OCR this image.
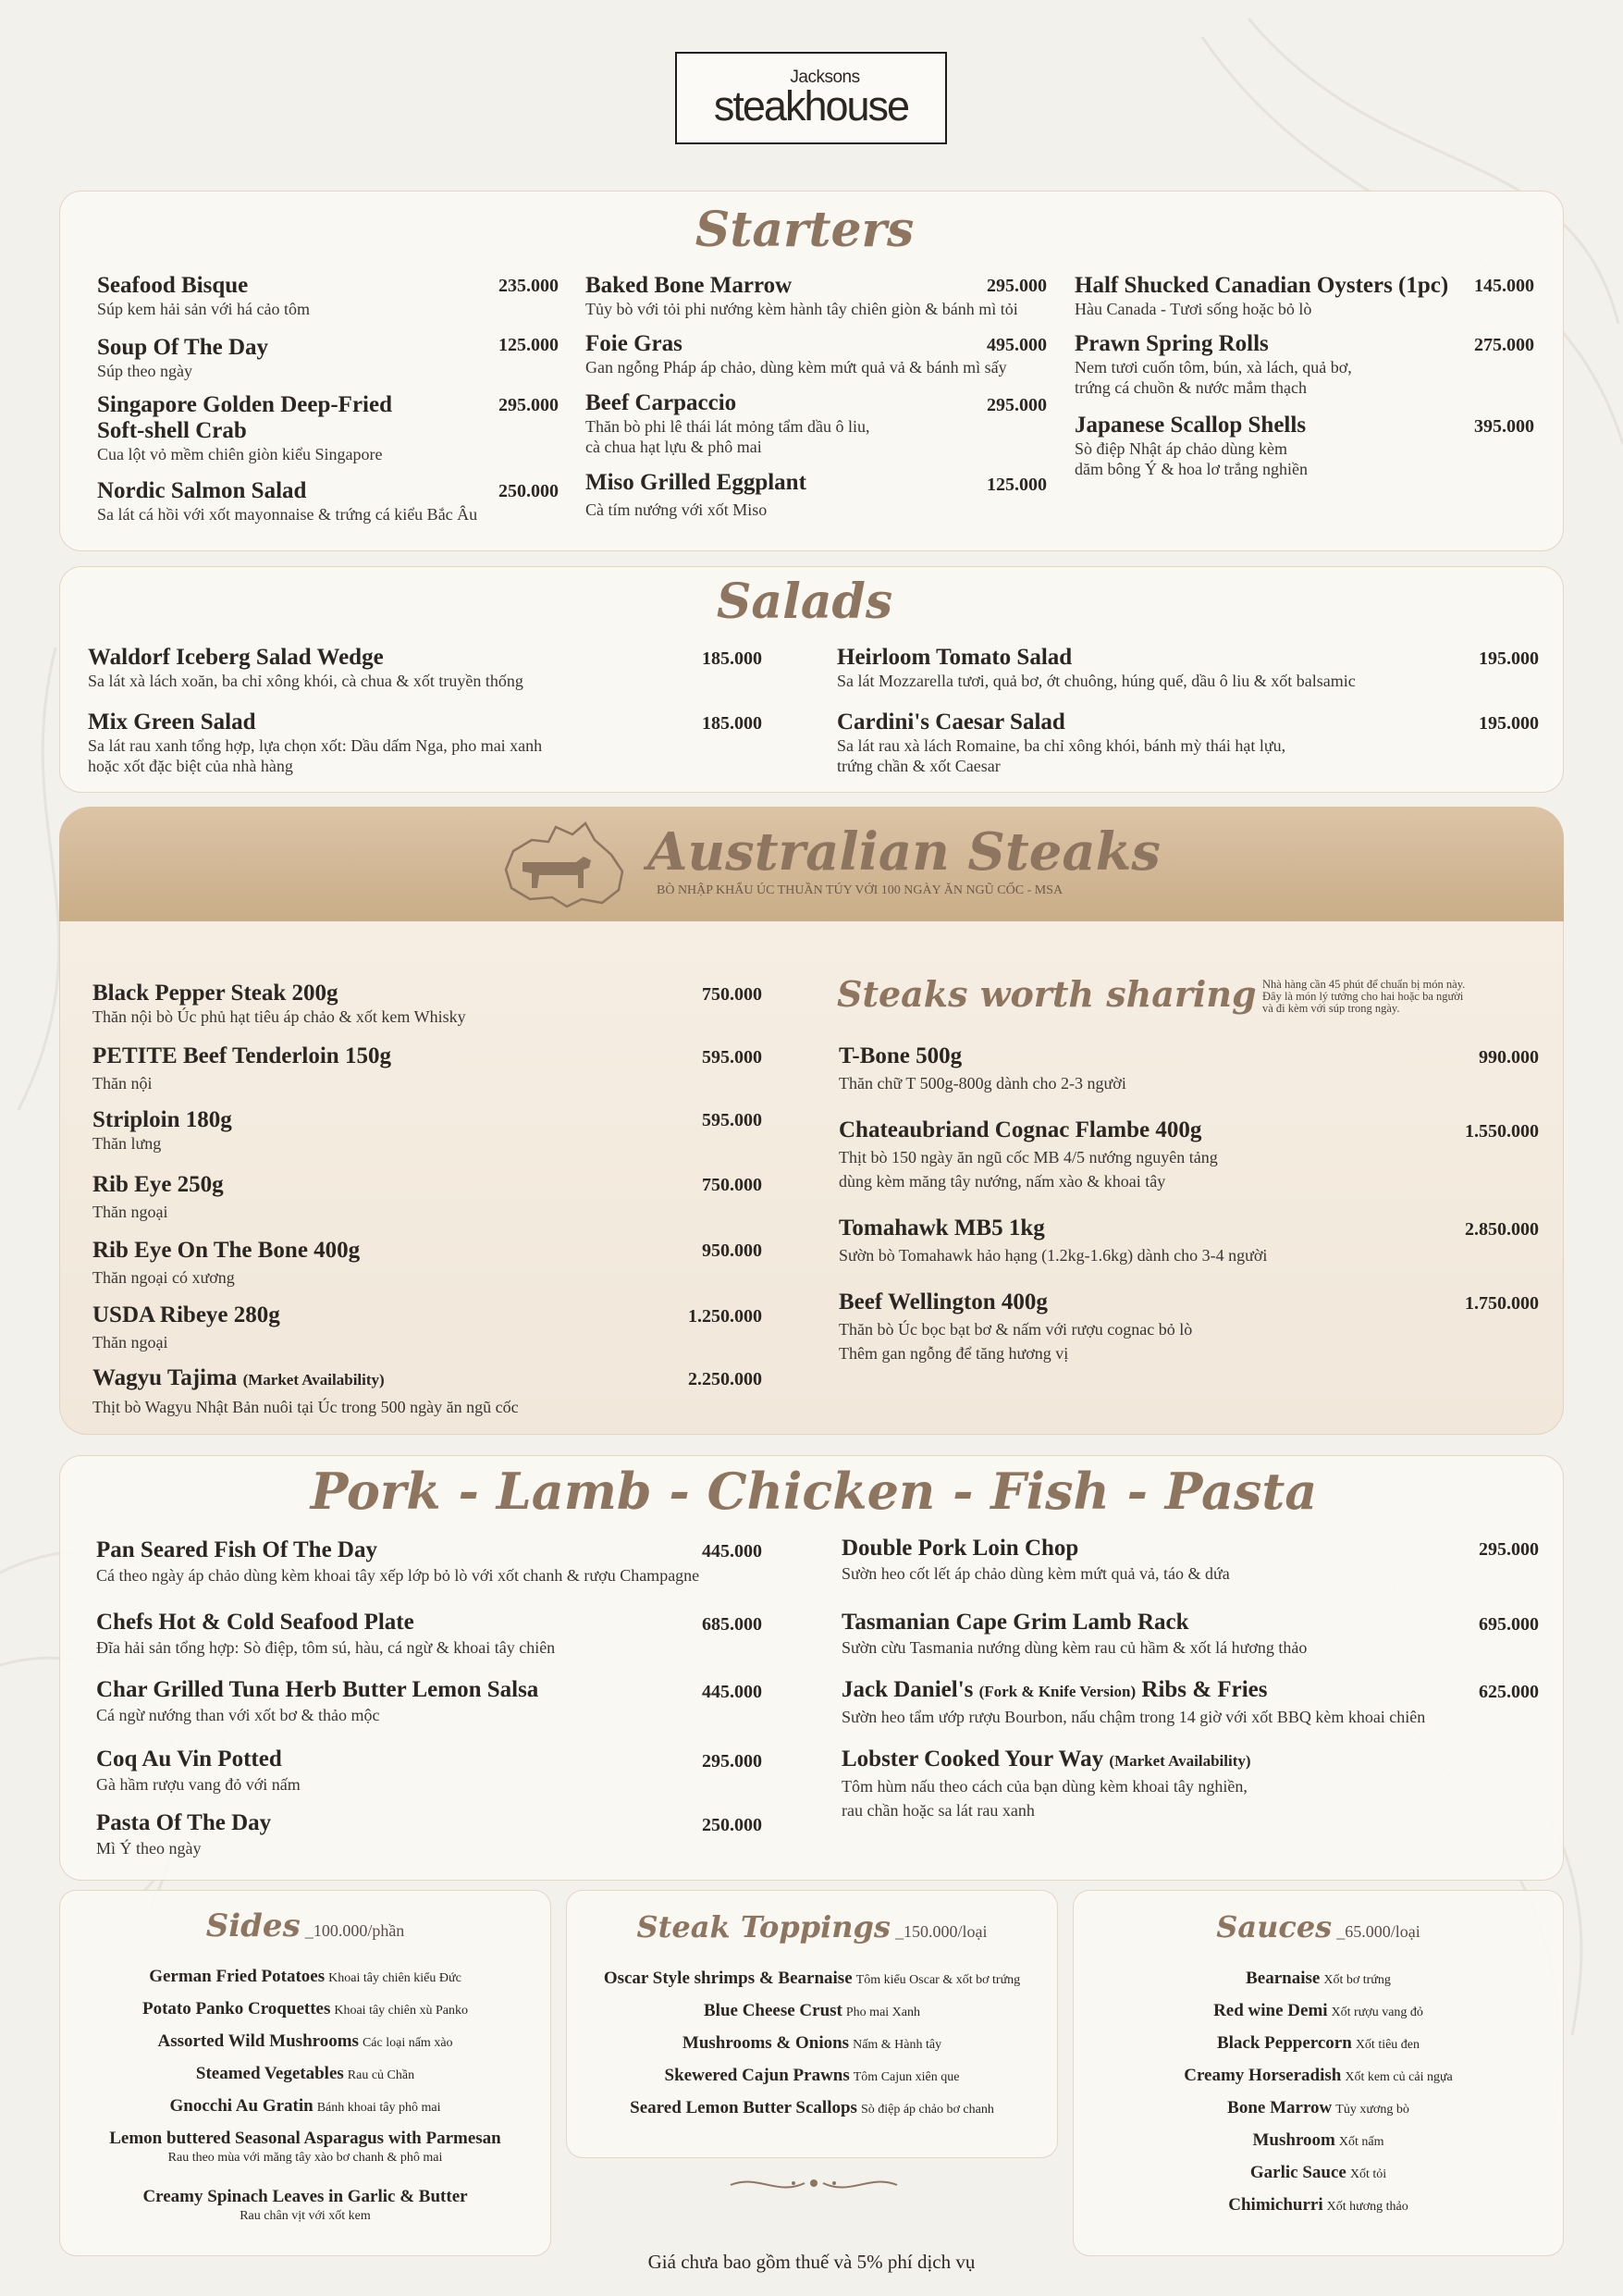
Jacksons
steakhouse
Starters
Seafood Bisque
Súp kem hải sản với há cảo tôm
235.000
Soup Of The Day
Súp theo ngày
125.000
Singapore Golden Deep-Fried
Soft-shell Crab
Cua lột vỏ mềm chiên giòn kiểu Singapore
295.000
Nordic Salmon Salad
Sa lát cá hồi với xốt mayonnaise & trứng cá kiểu Bắc Âu
250.000
Baked Bone Marrow
Tủy bò với tỏi phi nướng kèm hành tây chiên giòn & bánh mì tỏi
295.000
Foie Gras
Gan ngỗng Pháp áp chảo, dùng kèm mứt quả vả & bánh mì sấy
495.000
Beef Carpaccio
Thăn bò phi lê thái lát mỏng tẩm dầu ô liu,
cà chua hạt lựu & phô mai
295.000
Miso Grilled Eggplant
Cà tím nướng với xốt Miso
125.000
Half Shucked Canadian Oysters (1pc)
Hàu Canada - Tươi sống hoặc bỏ lò
145.000
Prawn Spring Rolls
Nem tươi cuốn tôm, bún, xà lách, quả bơ,
trứng cá chuồn & nước mắm thạch
275.000
Japanese Scallop Shells
Sò điệp Nhật áp chảo dùng kèm
dăm bông Ý & hoa lơ trắng nghiền
395.000
Salads
Waldorf Iceberg Salad Wedge
Sa lát xà lách xoăn, ba chỉ xông khói, cà chua & xốt truyền thống
185.000
Mix Green Salad
Sa lát rau xanh tổng hợp, lựa chọn xốt: Dầu dấm Nga, pho mai xanh
hoặc xốt đặc biệt của nhà hàng
185.000
Heirloom Tomato Salad
Sa lát Mozzarella tươi, quả bơ, ớt chuông, húng quế, dầu ô liu & xốt balsamic
195.000
Cardini's Caesar Salad
Sa lát rau xà lách Romaine, ba chỉ xông khói, bánh mỳ thái hạt lựu,
trứng chần & xốt Caesar
195.000
Australian Steaks
BÒ NHẬP KHẨU ÚC THUẦN TÚY VỚI 100 NGÀY ĂN NGŨ CỐC - MSA
Black Pepper Steak 200g
Thăn nội bò Úc phủ hạt tiêu áp chảo & xốt kem Whisky
750.000
PETITE Beef Tenderloin 150g
Thăn nội
595.000
Striploin 180g
Thăn lưng
595.000
Rib Eye 250g
Thăn ngoại
750.000
Rib Eye On The Bone 400g
Thăn ngoại có xương
950.000
USDA Ribeye 280g
Thăn ngoại
1.250.000
Wagyu Tajima (Market Availability)
Thịt bò Wagyu Nhật Bản nuôi tại Úc trong 500 ngày ăn ngũ cốc
2.250.000
Steaks worth sharing Nhà hàng cần 45 phút để chuẩn bị món này.
Đây là món lý tưởng cho hai hoặc ba người
và đi kèm với súp trong ngày.
T-Bone 500g
Thăn chữ T 500g-800g dành cho 2-3 người
990.000
Chateaubriand Cognac Flambe 400g
Thịt bò 150 ngày ăn ngũ cốc MB 4/5 nướng nguyên tảng
dùng kèm măng tây nướng, nấm xào & khoai tây
1.550.000
Tomahawk MB5 1kg
Sườn bò Tomahawk hảo hạng (1.2kg-1.6kg) dành cho 3-4 người
2.850.000
Beef Wellington 400g
Thăn bò Úc bọc bạt bơ & nấm với rượu cognac bỏ lò
Thêm gan ngỗng để tăng hương vị
1.750.000
Pork - Lamb - Chicken - Fish - Pasta
Pan Seared Fish Of The Day
Cá theo ngày áp chảo dùng kèm khoai tây xếp lớp bỏ lò với xốt chanh & rượu Champagne
445.000
Chefs Hot & Cold Seafood Plate
Đĩa hải sản tổng hợp: Sò điệp, tôm sú, hàu, cá ngừ & khoai tây chiên
685.000
Char Grilled Tuna Herb Butter Lemon Salsa
Cá ngừ nướng than với xốt bơ & thảo mộc
445.000
Coq Au Vin Potted
Gà hầm rượu vang đỏ với nấm
295.000
Pasta Of The Day
Mì Ý theo ngày
250.000
Double Pork Loin Chop
Sườn heo cốt lết áp chảo dùng kèm mứt quả vả, táo & dứa
295.000
Tasmanian Cape Grim Lamb Rack
Sườn cừu Tasmania nướng dùng kèm rau củ hầm & xốt lá hương thảo
695.000
Jack Daniel's (Fork & Knife Version) Ribs & Fries
Sườn heo tẩm ướp rượu Bourbon, nấu chậm trong 14 giờ với xốt BBQ kèm khoai chiên
625.000
Lobster Cooked Your Way (Market Availability)
Tôm hùm nấu theo cách của bạn dùng kèm khoai tây nghiền,
rau chần hoặc sa lát rau xanh
Sides _100.000/phần
German Fried Potatoes Khoai tây chiên kiểu Đức
Potato Panko Croquettes Khoai tây chiên xù Panko
Assorted Wild Mushrooms Các loại nấm xào
Steamed Vegetables Rau củ Chần
Gnocchi Au Gratin Bánh khoai tây phô mai
Lemon buttered Seasonal Asparagus with Parmesan
Rau theo mùa với măng tây xào bơ chanh & phô mai
Creamy Spinach Leaves in Garlic & Butter
Rau chân vịt với xốt kem
Steak Toppings _150.000/loại
Oscar Style shrimps & Bearnaise Tôm kiểu Oscar & xốt bơ trứng
Blue Cheese Crust Pho mai Xanh
Mushrooms & Onions Nấm & Hành tây
Skewered Cajun Prawns Tôm Cajun xiên que
Seared Lemon Butter Scallops Sò điệp áp chảo bơ chanh
Sauces _65.000/loại
Bearnaise Xốt bơ trứng
Red wine Demi Xốt rượu vang đỏ
Black Peppercorn Xốt tiêu đen
Creamy Horseradish Xốt kem củ cải ngựa
Bone Marrow Tủy xương bò
Mushroom Xốt nấm
Garlic Sauce Xốt tỏi
Chimichurri Xốt hương thảo
Giá chưa bao gồm thuế và 5% phí dịch vụ
